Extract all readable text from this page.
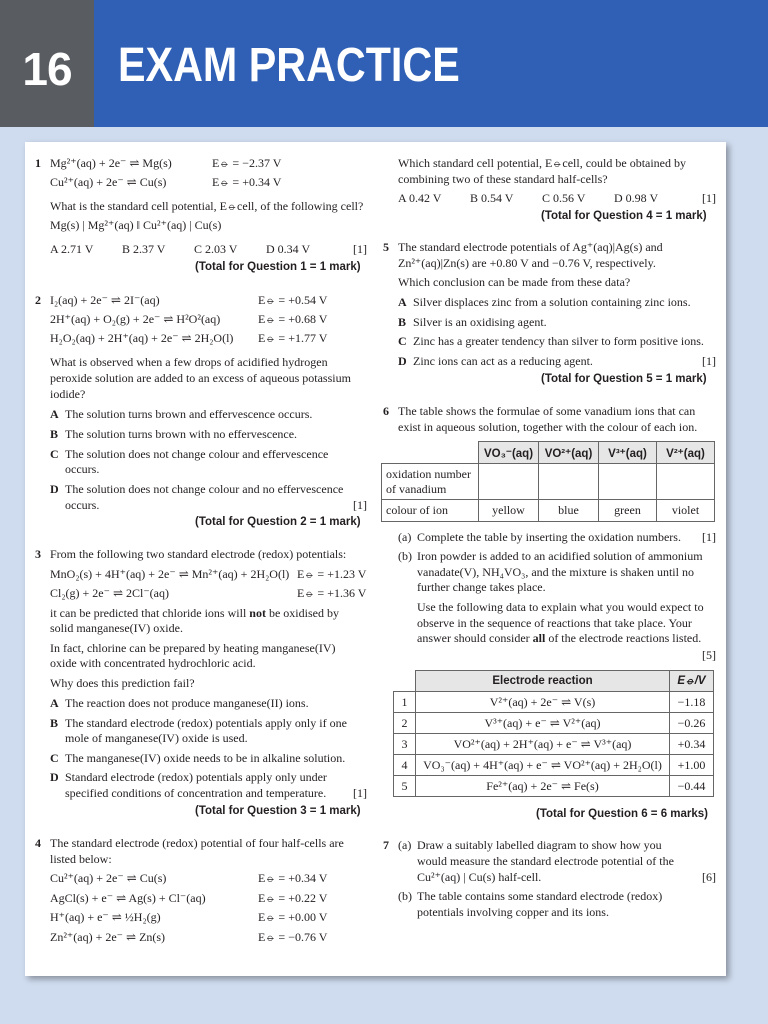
16 EXAM PRACTICE
1 Mg²⁺(aq) + 2e⁻ ⇌ Mg(s)	E⦵ = −2.37 V
Cu²⁺(aq) + 2e⁻ ⇌ Cu(s)	E⦵ = +0.34 V
What is the standard cell potential, E⦵cell, of the following cell?
Mg(s) | Mg²⁺(aq) ‖ Cu²⁺(aq) | Cu(s)
A 2.71 V B 2.37 V C 2.03 V D 0.34 V	[1]
(Total for Question 1 = 1 mark)
2 I₂(aq) + 2e⁻ ⇌ 2I⁻(aq)	E⦵ = +0.54 V
2H⁺(aq) + O₂(g) + 2e⁻ ⇌ H²O²(aq)	E⦵ = +0.68 V
H₂O₂(aq) + 2H⁺(aq) + 2e⁻ ⇌ 2H₂O(l) E⦵ = +1.77 V
What is observed when a few drops of acidified hydrogen
peroxide solution are added to an excess of aqueous potassium
iodide?
A The solution turns brown and effervescence occurs.
B The solution turns brown with no effervescence.
C The solution does not change colour and effervescence
occurs.
D The solution does not change colour and no effervescence
occurs.	[1]
(Total for Question 2 = 1 mark)
3 From the following two standard electrode (redox) potentials:
MnO₂(s) + 4H⁺(aq) + 2e⁻ ⇌ Mn²⁺(aq) + 2H₂O(l) E⦵ = +1.23 V
Cl₂(g) + 2e⁻ ⇌ 2Cl⁻(aq)	E⦵ = +1.36 V
it can be predicted that chloride ions will not be oxidised by
solid manganese(IV) oxide.
In fact, chlorine can be prepared by heating manganese(IV)
oxide with concentrated hydrochloric acid.
Why does this prediction fail?
A The reaction does not produce manganese(II) ions.
B The standard electrode (redox) potentials apply only if one
mole of manganese(IV) oxide is used.
C The manganese(IV) oxide needs to be in alkaline solution.
D Standard electrode (redox) potentials apply only under
specified conditions of concentration and temperature. [1]
(Total for Question 3 = 1 mark)
4 The standard electrode (redox) potential of four half-cells are
listed below:
Cu²⁺(aq) + 2e⁻ ⇌ Cu(s)	E⦵ = +0.34 V
AgCl(s) + e⁻ ⇌ Ag(s) + Cl⁻(aq)	E⦵ = +0.22 V
H⁺(aq) + e⁻ ⇌ ½H₂(g)	E⦵ = +0.00 V
Zn²⁺(aq) + 2e⁻ ⇌ Zn(s)	E⦵ = −0.76 V
Which standard cell potential, E⦵cell, could be obtained by
combining two of these standard half-cells?
A 0.42 V B 0.54 V C 0.56 V D 0.98 V	[1]
(Total for Question 4 = 1 mark)
5 The standard electrode potentials of Ag⁺(aq)|Ag(s) and
Zn²⁺(aq)|Zn(s) are +0.80 V and −0.76 V, respectively.
Which conclusion can be made from these data?
A Silver displaces zinc from a solution containing zinc ions.
B Silver is an oxidising agent.
C Zinc has a greater tendency than silver to form positive ions.
D Zinc ions can act as a reducing agent.	[1]
(Total for Question 5 = 1 mark)
6 The table shows the formulae of some vanadium ions that can
exist in aqueous solution, together with the colour of each ion.
	VO₃⁻(aq)	VO²⁺(aq)	V³⁺(aq)	V²⁺(aq)
oxidation number
of vanadium				
colour of ion	yellow	blue	green	violet
(a) Complete the table by inserting the oxidation numbers. [1]
(b) Iron powder is added to an acidified solution of ammonium
vanadate(V), NH₄VO₃, and the mixture is shaken until no
further change takes place.
Use the following data to explain what you would expect to
observe in the sequence of reactions that take place. Your
answer should consider all of the electrode reactions listed.
[5]
	Electrode reaction	E⦵/V
1	V²⁺(aq) + 2e⁻ ⇌ V(s)	−1.18
2	V³⁺(aq) + e⁻ ⇌ V²⁺(aq)	−0.26
3	VO²⁺(aq) + 2H⁺(aq) + e⁻ ⇌ V³⁺(aq)	+0.34
4	VO₃⁻(aq) + 4H⁺(aq) + e⁻ ⇌ VO²⁺(aq) + 2H₂O(l)	+1.00
5	Fe²⁺(aq) + 2e⁻ ⇌ Fe(s)	−0.44
(Total for Question 6 = 6 marks)
7 (a) Draw a suitably labelled diagram to show how you
would measure the standard electrode potential of the
Cu²⁺(aq) | Cu(s) half-cell.	[6]
(b) The table contains some standard electrode (redox)
potentials involving copper and its ions.
